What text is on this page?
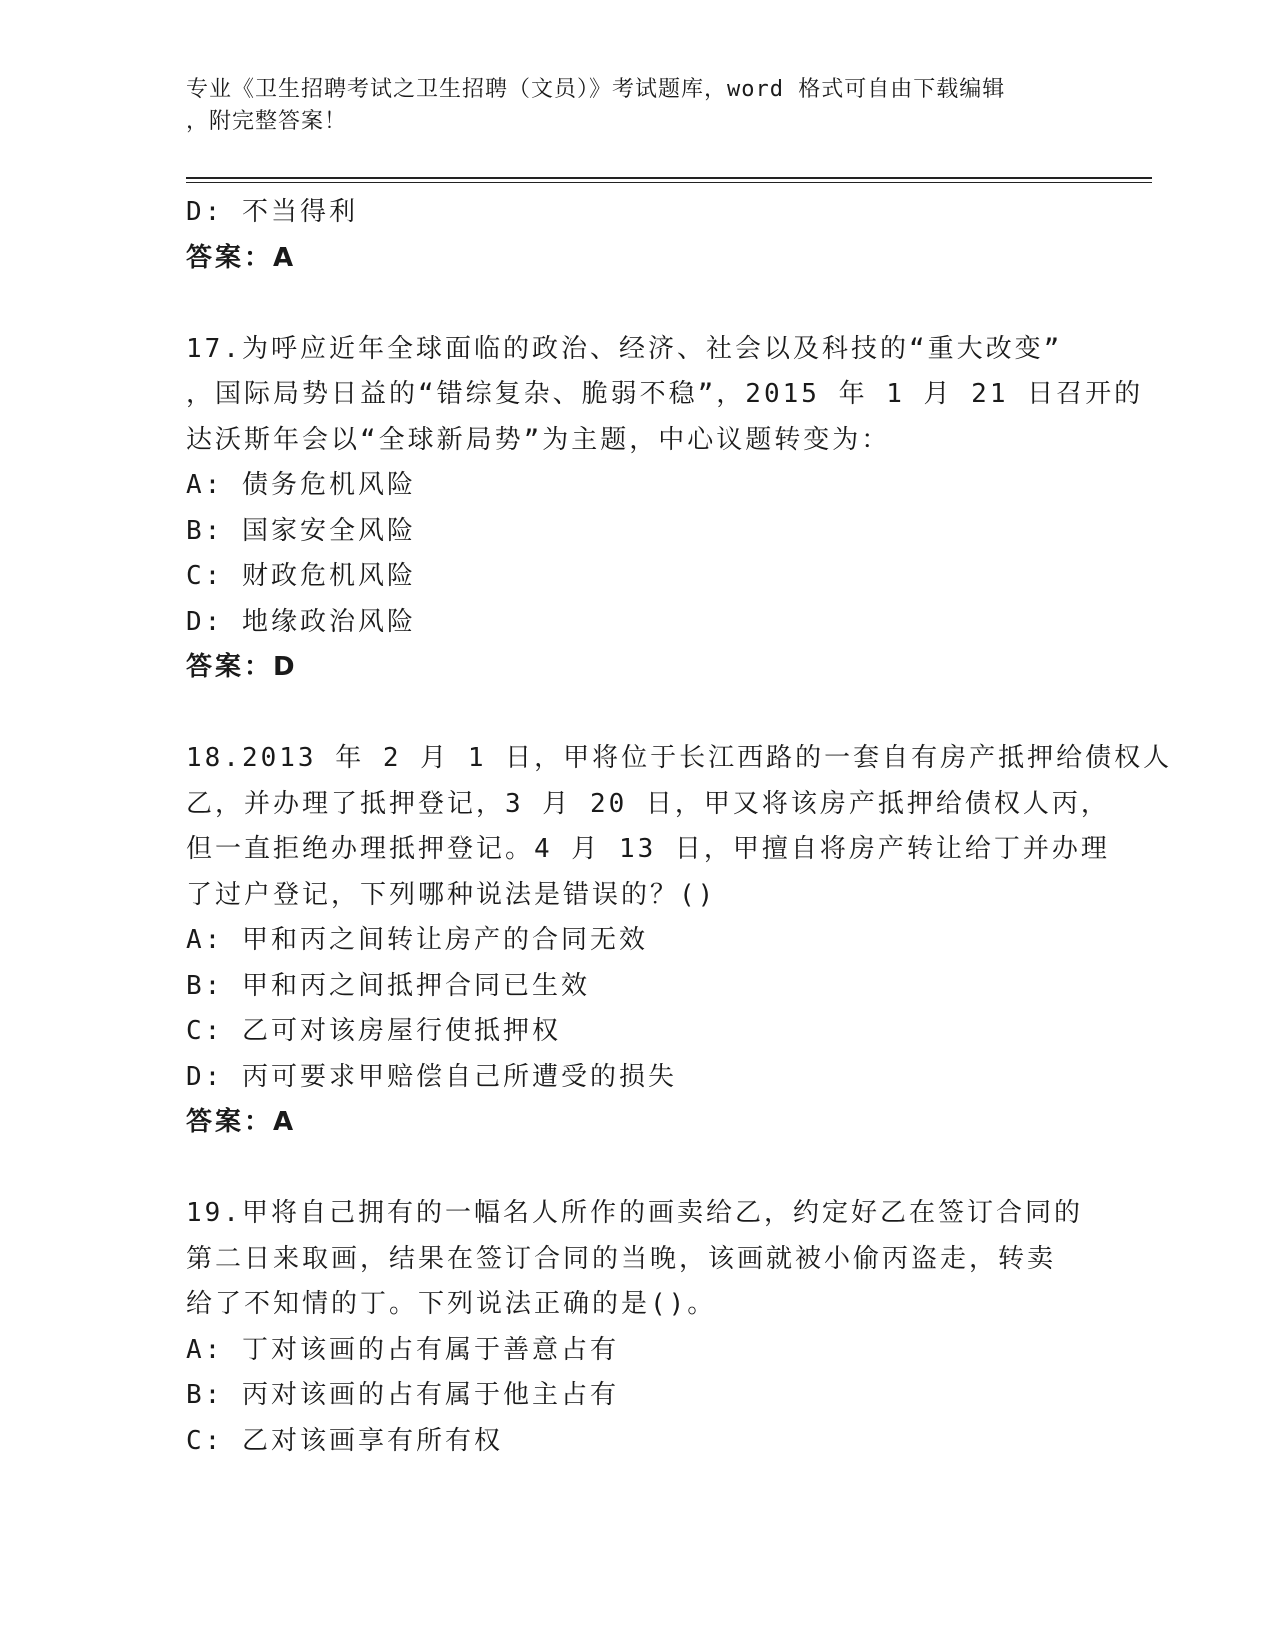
专业《卫生招聘考试之卫生招聘（文员）》考试题库，word 格式可自由下载编辑
，附完整答案！
D: 不当得利
答案：A
17.为呼应近年全球面临的政治、经济、社会以及科技的“重大改变”
，国际局势日益的“错综复杂、脆弱不稳”，2015 年 1 月 21 日召开的
达沃斯年会以“全球新局势”为主题，中心议题转变为：
A: 债务危机风险
B: 国家安全风险
C: 财政危机风险
D: 地缘政治风险
答案：D
18.2013 年 2 月 1 日，甲将位于长江西路的一套自有房产抵押给债权人
乙，并办理了抵押登记，3 月 20 日，甲又将该房产抵押给债权人丙，
但一直拒绝办理抵押登记。4 月 13 日，甲擅自将房产转让给丁并办理
了过户登记，下列哪种说法是错误的？()
A: 甲和丙之间转让房产的合同无效
B: 甲和丙之间抵押合同已生效
C: 乙可对该房屋行使抵押权
D: 丙可要求甲赔偿自己所遭受的损失
答案：A
19.甲将自己拥有的一幅名人所作的画卖给乙，约定好乙在签订合同的
第二日来取画，结果在签订合同的当晚，该画就被小偷丙盗走，转卖
给了不知情的丁。下列说法正确的是()。
A: 丁对该画的占有属于善意占有
B: 丙对该画的占有属于他主占有
C: 乙对该画享有所有权
